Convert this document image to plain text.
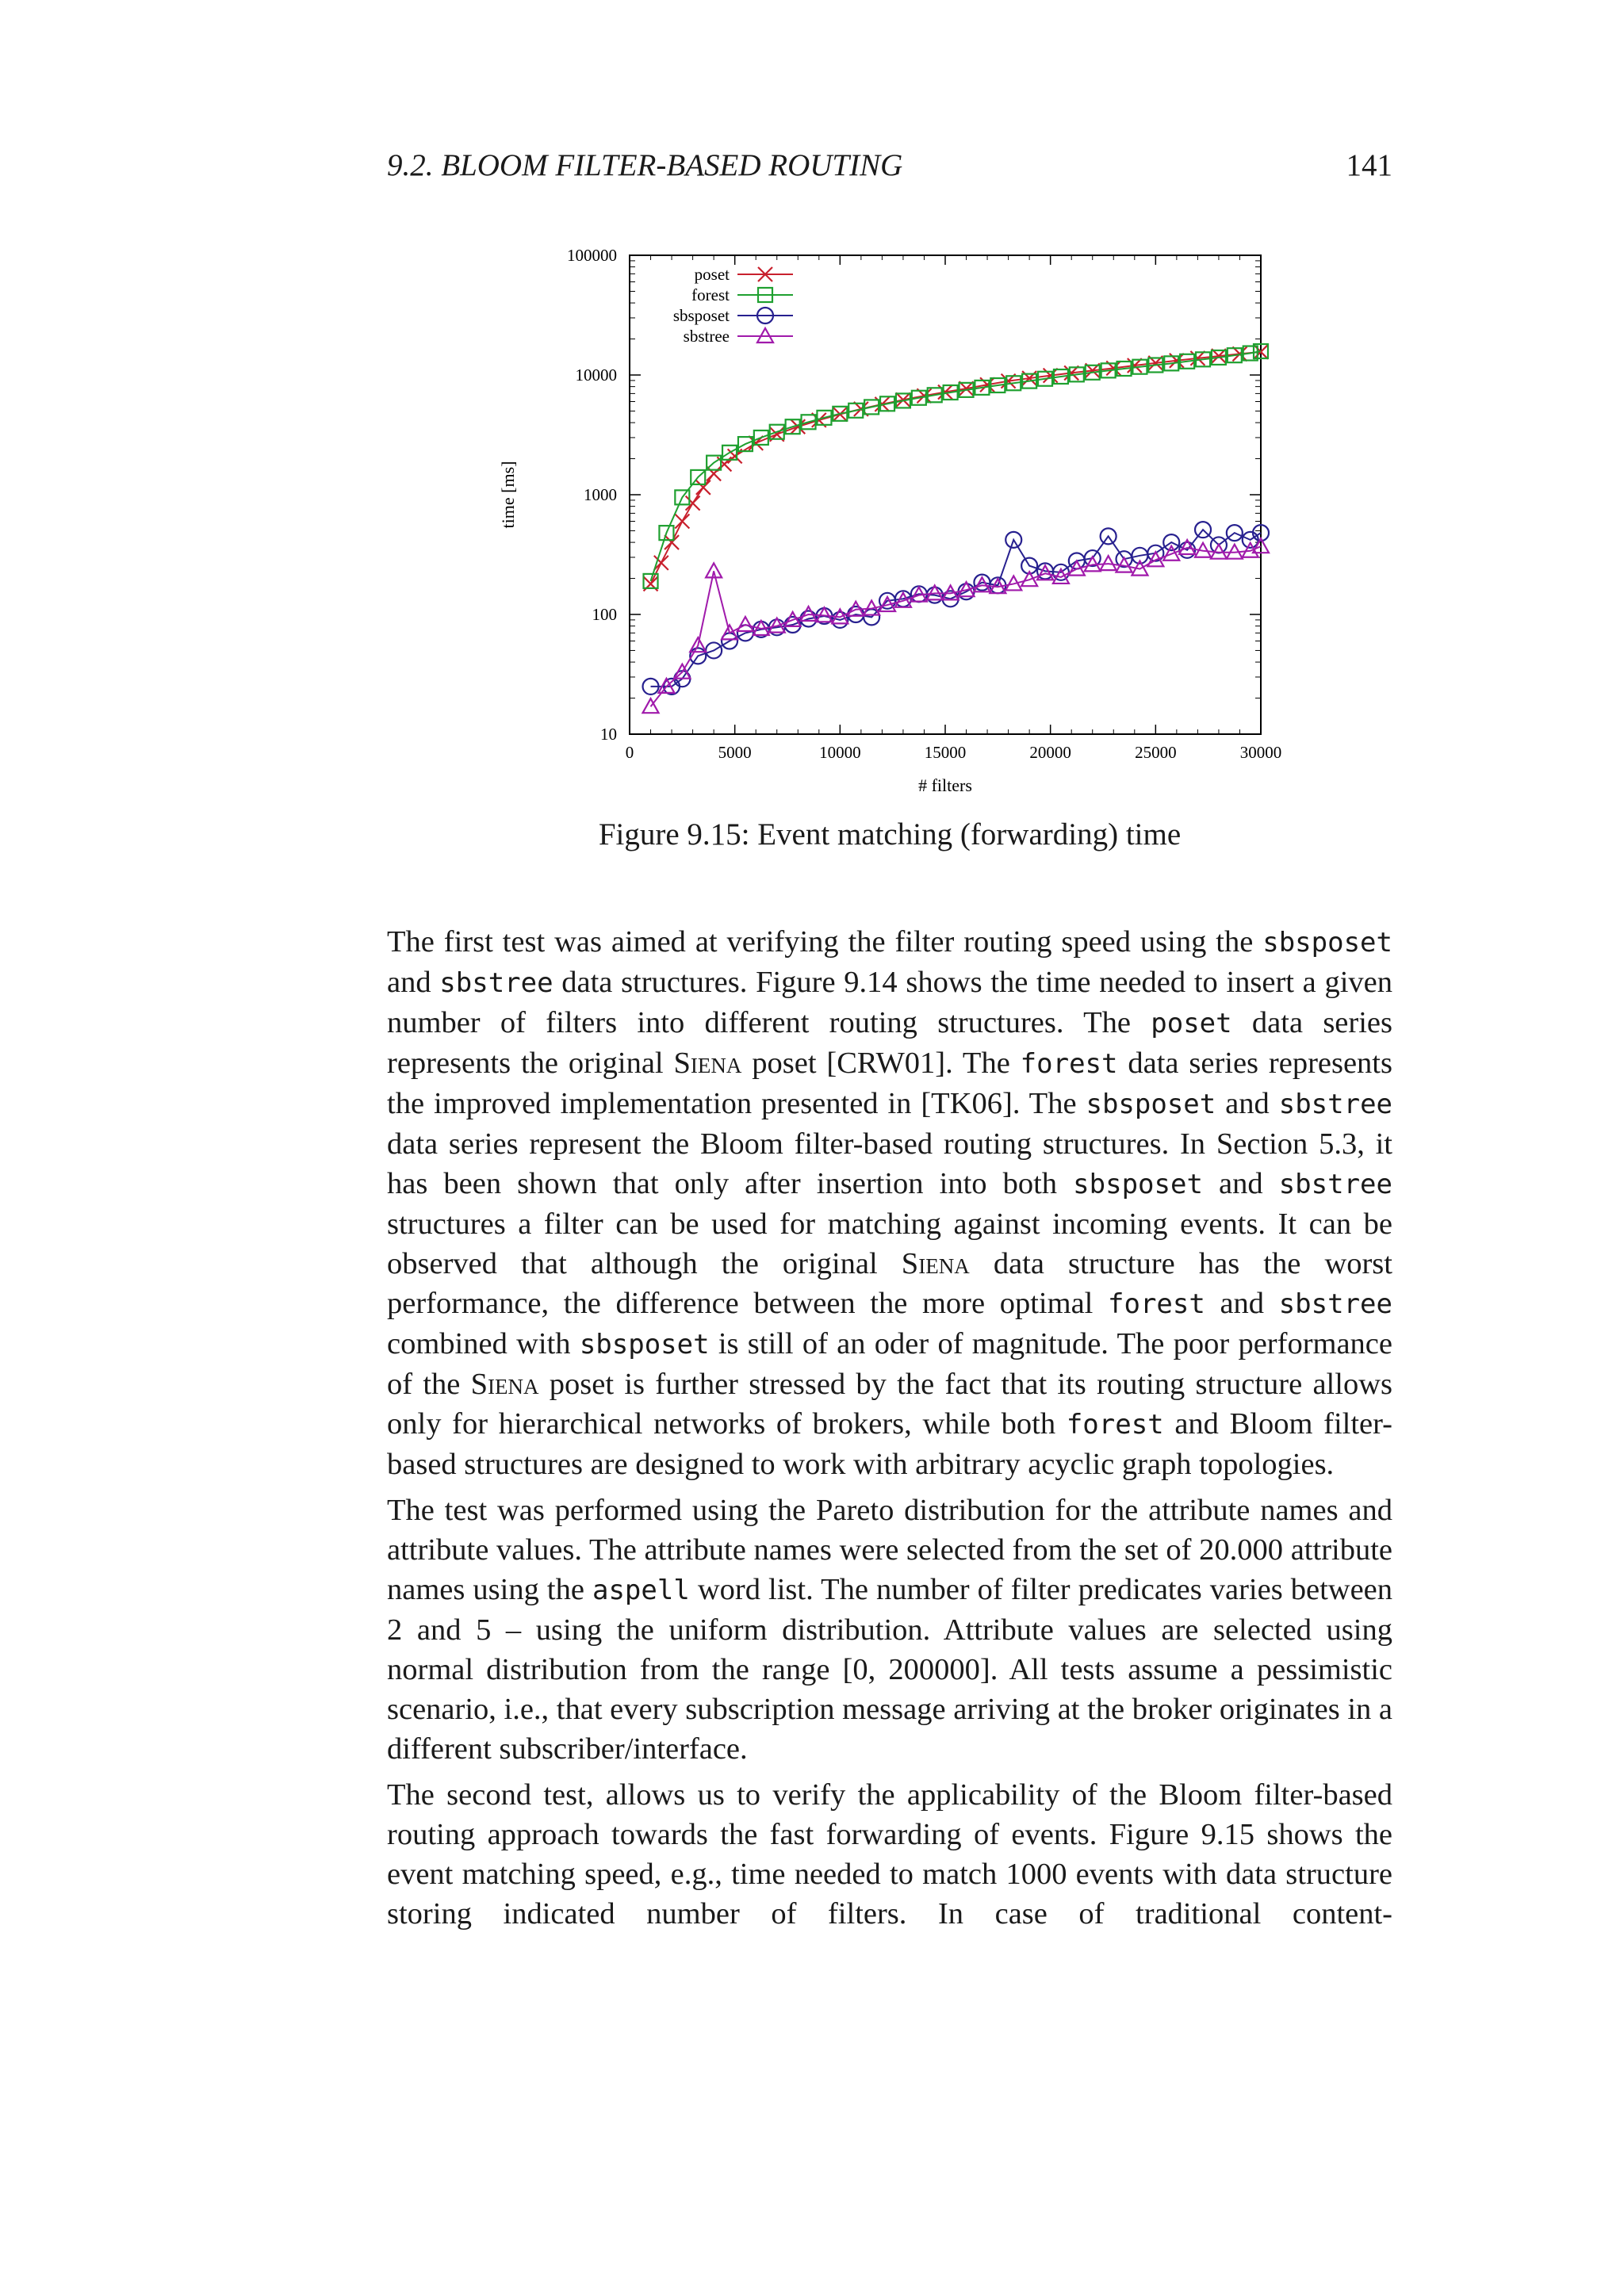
9.2. BLOOM FILTER-BASED ROUTING	141
0	5000	10000	15000	20000	25000	30000
10
100
1000
10000
100000
# filters
time [ms]
poset
forest
sbsposet
sbstree
Figure 9.15: Event matching (forwarding) time

The first test was aimed at verifying the filter routing speed using the sbsposet and sbstree data structures. Figure 9.14 shows the time needed to insert a given number of filters into different routing structures. The poset data series represents the original Siena poset [CRW01]. The forest data series represents the improved implementation presented in [TK06]. The sbsposet and sbstree data series represent the Bloom filter-based routing structures. In Section 5.3, it has been shown that only after insertion into both sbsposet and sbstree structures a filter can be used for matching against incoming events. It can be observed that although the original Siena data structure has the worst performance, the difference between the more optimal forest and sbstree combined with sbsposet is still of an oder of magnitude. The poor performance of the Siena poset is further stressed by the fact that its routing structure allows only for hierarchical networks of brokers, while both forest and Bloom filter-based structures are designed to work with arbitrary acyclic graph topologies.

The test was performed using the Pareto distribution for the attribute names and attribute values. The attribute names were selected from the set of 20.000 attribute names using the aspell word list. The number of filter predicates varies between 2 and 5 – using the uniform distribution. Attribute values are selected using normal distribution from the range [0, 200000]. All tests assume a pessimistic scenario, i.e., that every subscription message arriving at the broker originates in a different subscriber/interface.

The second test, allows us to verify the applicability of the Bloom filter-based routing approach towards the fast forwarding of events. Figure 9.15 shows the event matching speed, e.g., time needed to match 1000 events with data structure storing indicated number of filters. In case of traditional content-
